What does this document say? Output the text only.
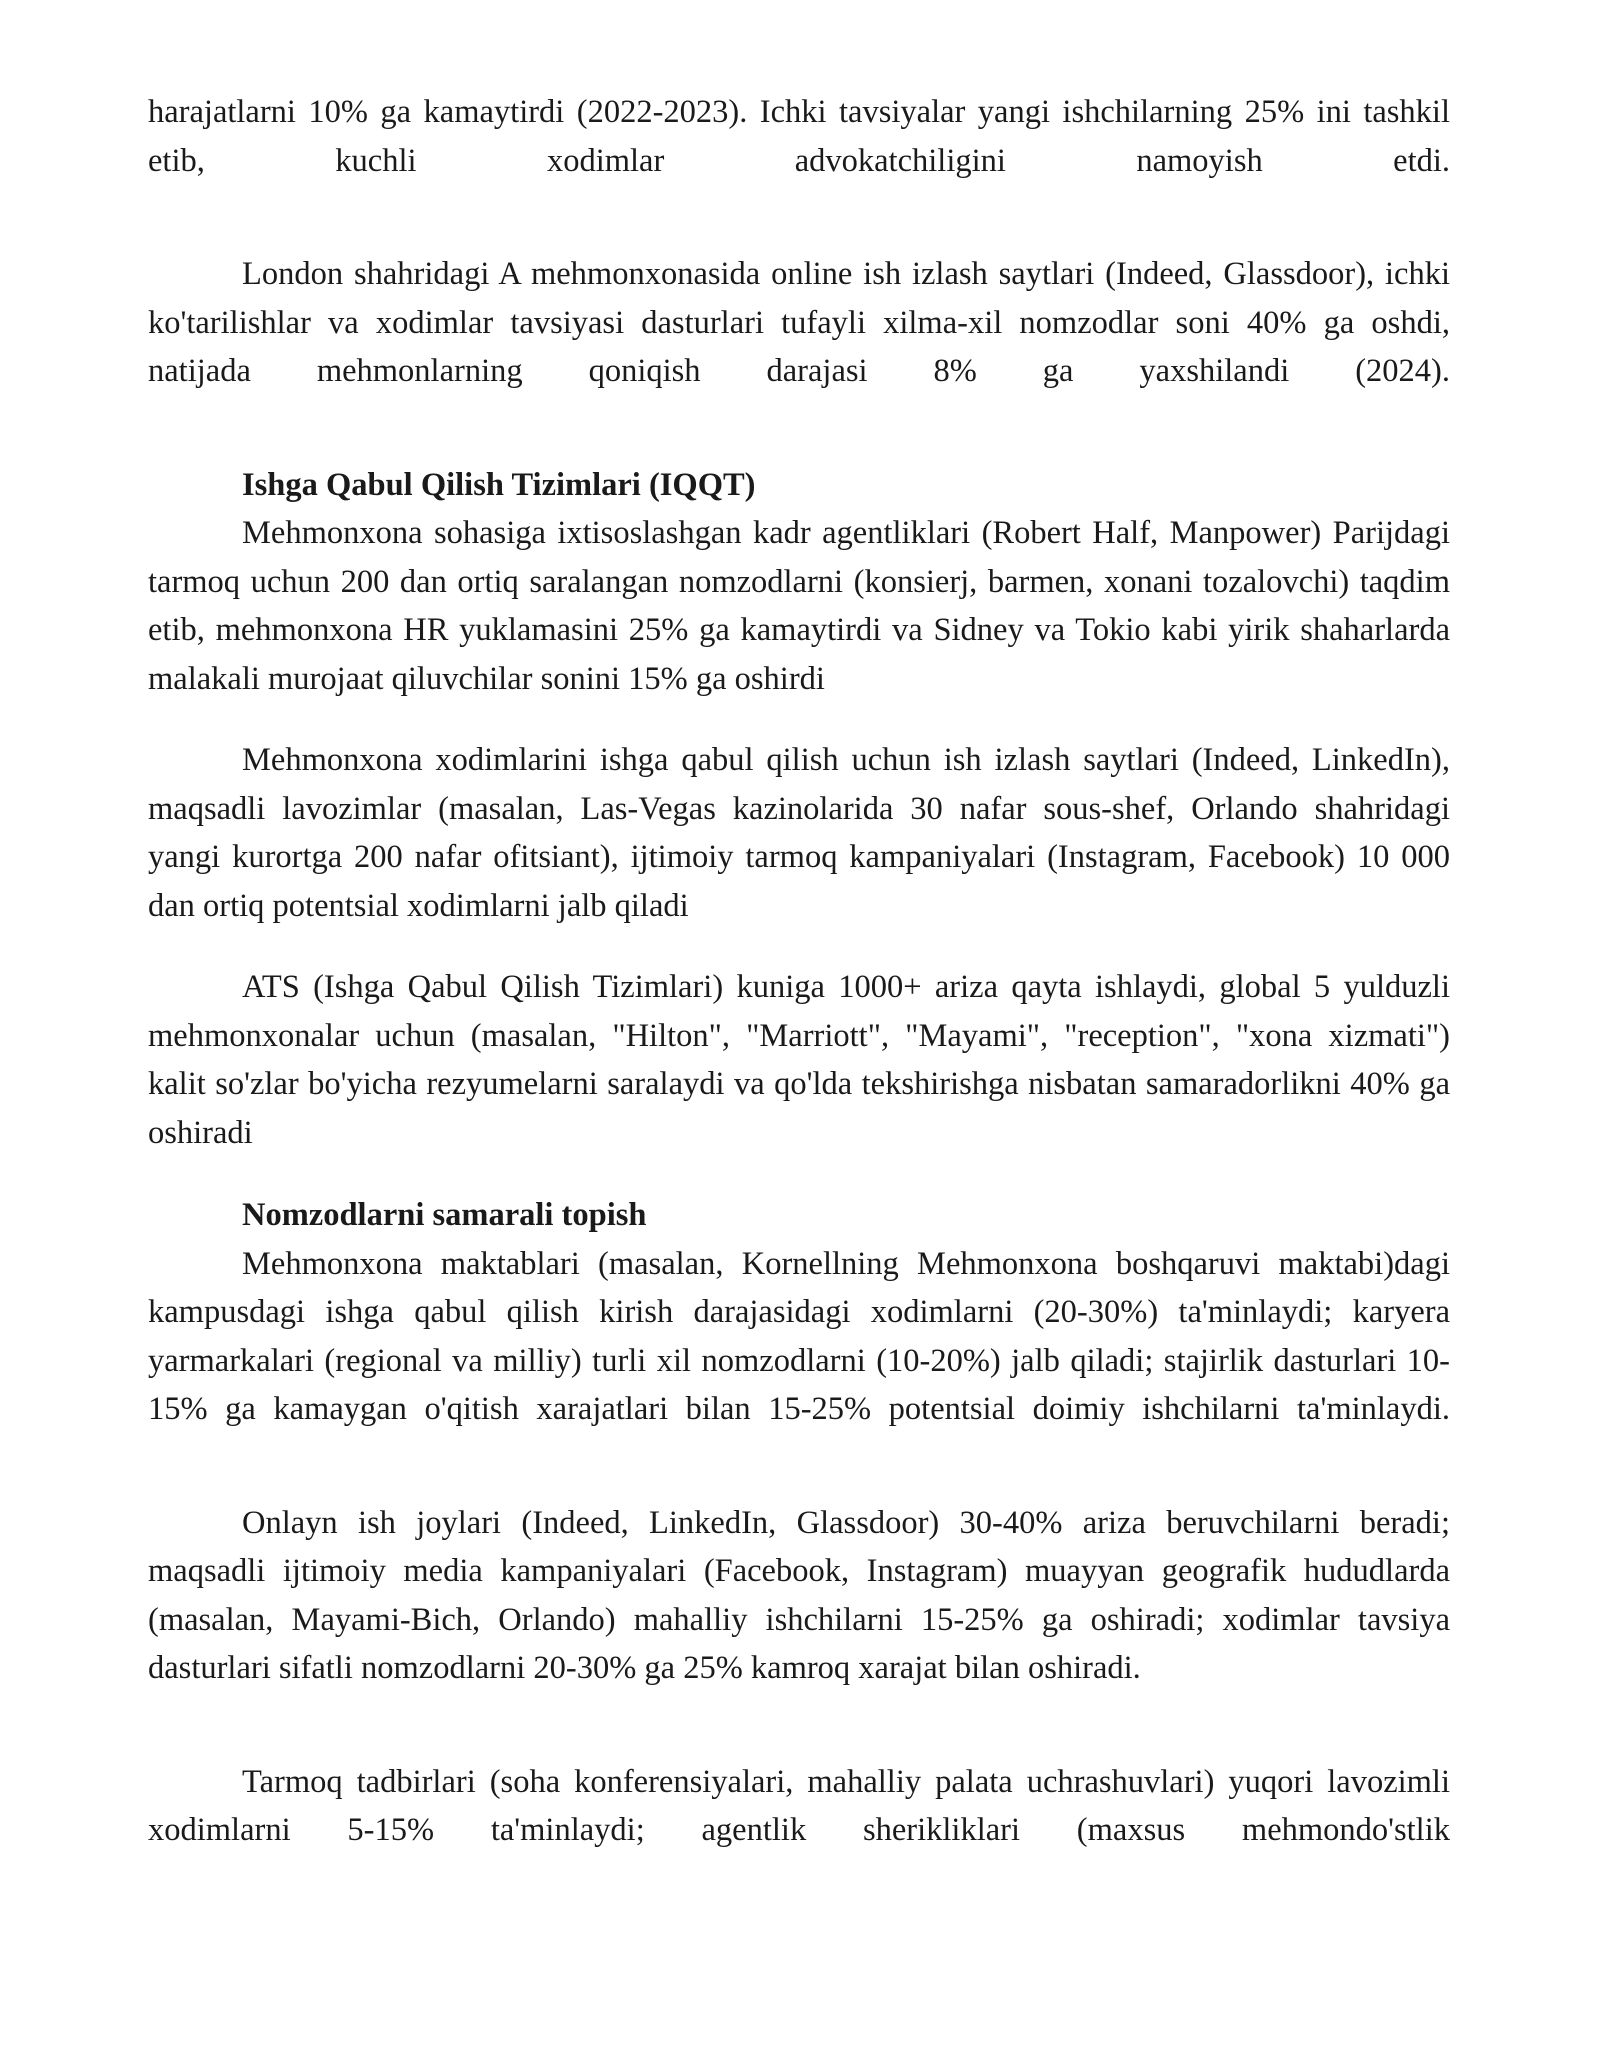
harajatlarni 10% ga kamaytirdi (2022-2023). Ichki tavsiyalar yangi ishchilarning 25% ini tashkil etib, kuchli xodimlar advokatchiligini namoyish etdi.

London shahridagi A mehmonxonasida online ish izlash saytlari (Indeed, Glassdoor), ichki ko'tarilishlar va xodimlar tavsiyasi dasturlari tufayli xilma-xil nomzodlar soni 40% ga oshdi, natijada mehmonlarning qoniqish darajasi 8% ga yaxshilandi (2024).

Ishga Qabul Qilish Tizimlari (IQQT)

Mehmonxona sohasiga ixtisoslashgan kadr agentliklari (Robert Half, Manpower) Parijdagi tarmoq uchun 200 dan ortiq saralangan nomzodlarni (konsierj, barmen, xonani tozalovchi) taqdim etib, mehmonxona HR yuklamasini 25% ga kamaytirdi va Sidney va Tokio kabi yirik shaharlarda malakali murojaat qiluvchilar sonini 15% ga oshirdi

Mehmonxona xodimlarini ishga qabul qilish uchun ish izlash saytlari (Indeed, LinkedIn), maqsadli lavozimlar (masalan, Las-Vegas kazinolarida 30 nafar sous-shef, Orlando shahridagi yangi kurortga 200 nafar ofitsiant), ijtimoiy tarmoq kampaniyalari (Instagram, Facebook) 10 000 dan ortiq potentsial xodimlarni jalb qiladi

ATS (Ishga Qabul Qilish Tizimlari) kuniga 1000+ ariza qayta ishlaydi, global 5 yulduzli mehmonxonalar uchun (masalan, "Hilton", "Marriott", "Mayami", "reception", "xona xizmati") kalit so'zlar bo'yicha rezyumelarni saralaydi va qo'lda tekshirishga nisbatan samaradorlikni 40% ga oshiradi

Nomzodlarni samarali topish

Mehmonxona maktablari (masalan, Kornellning Mehmonxona boshqaruvi maktabi)dagi kampusdagi ishga qabul qilish kirish darajasidagi xodimlarni (20-30%) ta'minlaydi; karyera yarmarkalari (regional va milliy) turli xil nomzodlarni (10-20%) jalb qiladi; stajirlik dasturlari 10-15% ga kamaygan o'qitish xarajatlari bilan 15-25% potentsial doimiy ishchilarni ta'minlaydi.

Onlayn ish joylari (Indeed, LinkedIn, Glassdoor) 30-40% ariza beruvchilarni beradi; maqsadli ijtimoiy media kampaniyalari (Facebook, Instagram) muayyan geografik hududlarda (masalan, Mayami-Bich, Orlando) mahalliy ishchilarni 15-25% ga oshiradi; xodimlar tavsiya dasturlari sifatli nomzodlarni 20-30% ga 25% kamroq xarajat bilan oshiradi.

Tarmoq tadbirlari (soha konferensiyalari, mahalliy palata uchrashuvlari) yuqori lavozimli xodimlarni 5-15% ta'minlaydi; agentlik sherikliklari (maxsus mehmondo'stlik
